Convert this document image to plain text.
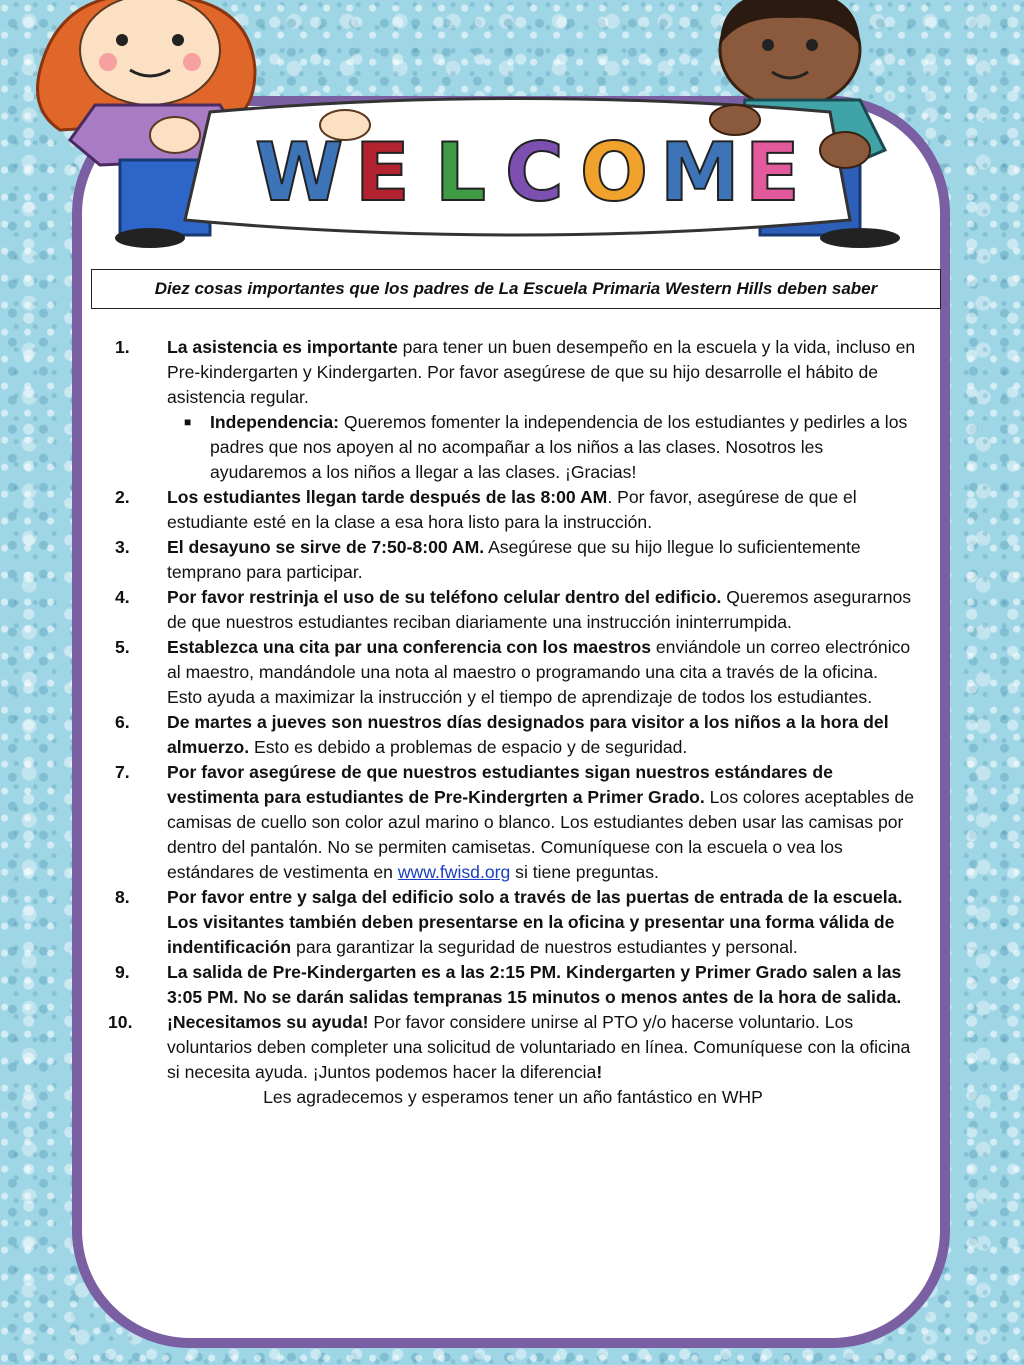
W E L C O M E
Diez cosas importantes que los padres de La Escuela Primaria Western Hills deben saber
1.	La asistencia es importante para tener un buen desempeño en la escuela y la vida, incluso en Pre-kindergarten y Kindergarten. Por favor asegúrese de que su hijo desarrolle el hábito de asistencia regular.
■	Independencia: Queremos fomenter la independencia de los estudiantes y pedirles a los padres que nos apoyen al no acompañar a los niños a las clases. Nosotros les ayudaremos a los niños a llegar a las clases. ¡Gracias!
2.	Los estudiantes llegan tarde después de las 8:00 AM. Por favor, asegúrese de que el estudiante esté en la clase a esa hora listo para la instrucción.
3.	El desayuno se sirve de 7:50-8:00 AM. Asegúrese que su hijo llegue lo suficientemente temprano para participar.
4.	Por favor restrinja el uso de su teléfono celular dentro del edificio. Queremos asegurarnos de que nuestros estudiantes reciban diariamente una instrucción ininterrumpida.
5.	Establezca una cita par una conferencia con los maestros enviándole un correo electrónico al maestro, mandándole una nota al maestro o programando una cita a través de la oficina. Esto ayuda a maximizar la instrucción y el tiempo de aprendizaje de todos los estudiantes.
6.	De martes a jueves son nuestros días designados para visitor a los niños a la hora del almuerzo. Esto es debido a problemas de espacio y de seguridad.
7.	Por favor asegúrese de que nuestros estudiantes sigan nuestros estándares de vestimenta para estudiantes de Pre-Kindergrten a Primer Grado. Los colores aceptables de camisas de cuello son color azul marino o blanco. Los estudiantes deben usar las camisas por dentro del pantalón. No se permiten camisetas. Comuníquese con la escuela o vea los estándares de vestimenta en www.fwisd.org si tiene preguntas.
8.	Por favor entre y salga del edificio solo a través de las puertas de entrada de la escuela. Los visitantes también deben presentarse en la oficina y presentar una forma válida de indentificación para garantizar la seguridad de nuestros estudiantes y personal.
9.	La salida de Pre-Kindergarten es a las 2:15 PM. Kindergarten y Primer Grado salen a las 3:05 PM. No se darán salidas tempranas 15 minutos o menos antes de la hora de salida.
10.	¡Necesitamos su ayuda! Por favor considere unirse al PTO y/o hacerse voluntario. Los voluntarios deben completer una solicitud de voluntariado en línea. Comuníquese con la oficina si necesita ayuda. ¡Juntos podemos hacer la diferencia!
Les agradecemos y esperamos tener un año fantástico en WHP
